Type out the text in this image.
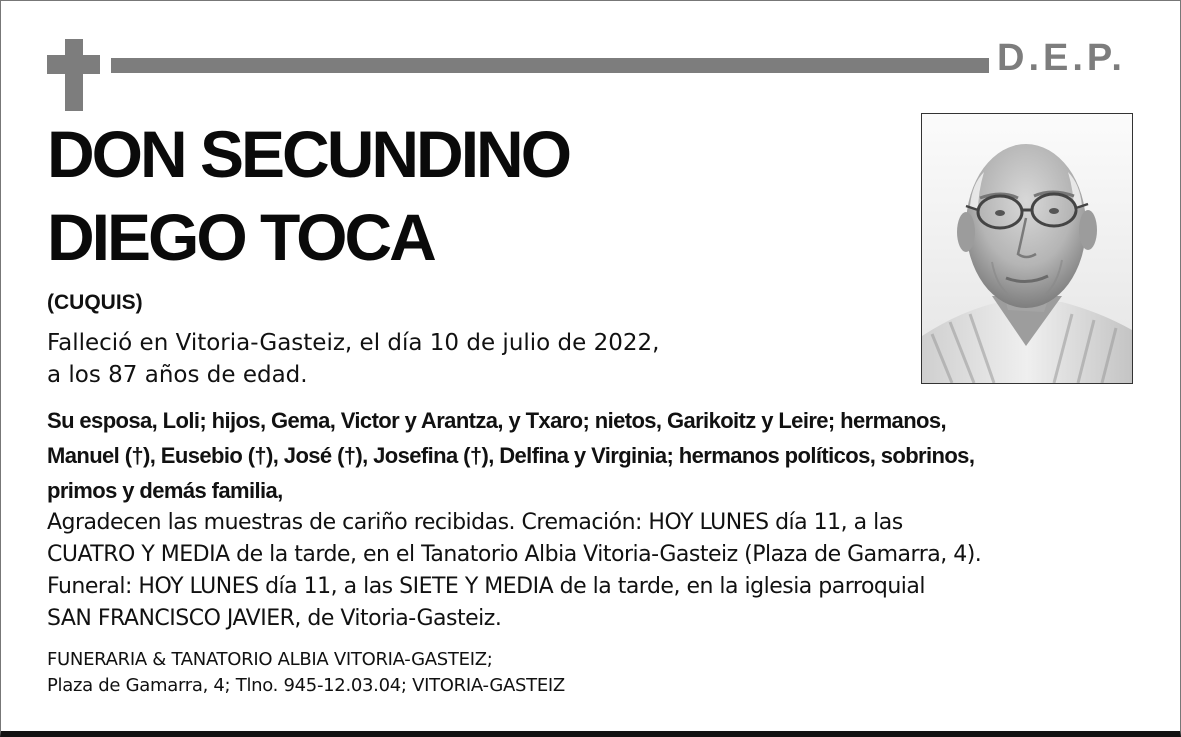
D.E.P.
DON SECUNDINO
DIEGO TOCA
(CUQUIS)
Falleció en Vitoria-Gasteiz, el día 10 de julio de 2022,
a los 87 años de edad.
Su esposa, Loli; hijos, Gema, Victor y Arantza, y Txaro; nietos, Garikoitz y Leire; hermanos,
Manuel (†), Eusebio (†), José (†), Josefina (†), Delfina y Virginia; hermanos políticos, sobrinos,
primos y demás familia,
Agradecen las muestras de cariño recibidas. Cremación: HOY LUNES día 11, a las
CUATRO Y MEDIA de la tarde, en el Tanatorio Albia Vitoria-Gasteiz (Plaza de Gamarra, 4).
Funeral: HOY LUNES día 11, a las SIETE Y MEDIA de la tarde, en la iglesia parroquial
SAN FRANCISCO JAVIER, de Vitoria-Gasteiz.
FUNERARIA & TANATORIO ALBIA VITORIA-GASTEIZ;
Plaza de Gamarra, 4; Tlno. 945-12.03.04; VITORIA-GASTEIZ
